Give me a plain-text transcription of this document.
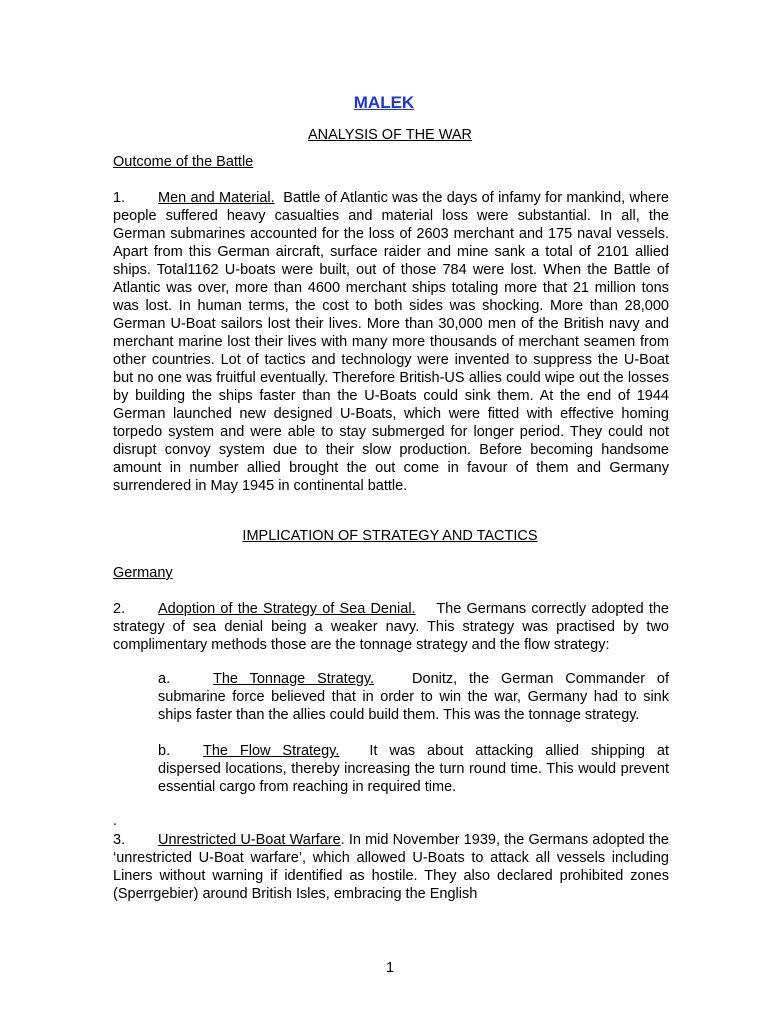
MALEK
ANALYSIS OF THE WAR
Outcome of the Battle
1. Men and Material. Battle of Atlantic was the days of infamy for mankind, where people suffered heavy casualties and material loss were substantial. In all, the German submarines accounted for the loss of 2603 merchant and 175 naval vessels. Apart from this German aircraft, surface raider and mine sank a total of 2101 allied ships. Total1162 U-boats were built, out of those 784 were lost. When the Battle of Atlantic was over, more than 4600 merchant ships totaling more that 21 million tons was lost. In human terms, the cost to both sides was shocking. More than 28,000 German U-Boat sailors lost their lives. More than 30,000 men of the British navy and merchant marine lost their lives with many more thousands of merchant seamen from other countries. Lot of tactics and technology were invented to suppress the U-Boat but no one was fruitful eventually. Therefore British-US allies could wipe out the losses by building the ships faster than the U-Boats could sink them. At the end of 1944 German launched new designed U-Boats, which were fitted with effective homing torpedo system and were able to stay submerged for longer period. They could not disrupt convoy system due to their slow production. Before becoming handsome amount in number allied brought the out come in favour of them and Germany surrendered in May 1945 in continental battle.
IMPLICATION OF STRATEGY AND TACTICS
Germany
2. Adoption of the Strategy of Sea Denial. The Germans correctly adopted the strategy of sea denial being a weaker navy. This strategy was practised by two complimentary methods those are the tonnage strategy and the flow strategy:
a.	The Tonnage Strategy.	Donitz, the German Commander of submarine force believed that in order to win the war, Germany had to sink ships faster than the allies could build them. This was the tonnage strategy.
b. The Flow Strategy. It was about attacking allied shipping at dispersed locations, thereby increasing the turn round time. This would prevent essential cargo from reaching in required time.
.
3. Unrestricted U-Boat Warfare. In mid November 1939, the Germans adopted the ‘unrestricted U-Boat warfare’, which allowed U-Boats to attack all vessels including Liners without warning if identified as hostile. They also declared prohibited zones (Sperrgebier) around British Isles, embracing the English
1
